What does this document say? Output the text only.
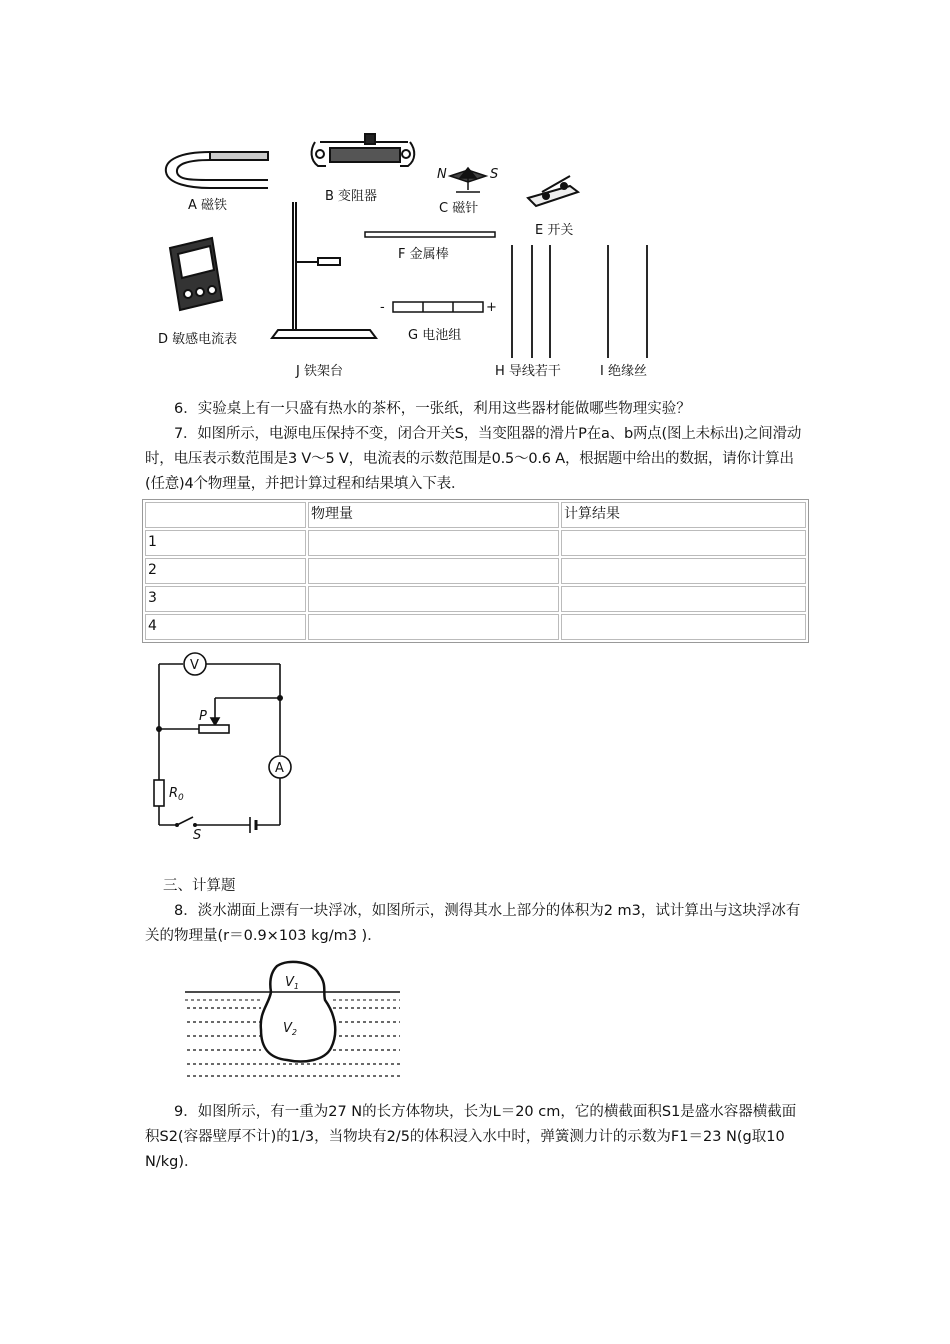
A 磁铁
B 变阻器
N	S
C 磁针
E 开关
F 金属棒
D 敏感电流表
J 铁架台
-	+
G 电池组
H 导线若干	I 绝缘丝

6．实验桌上有一只盛有热水的茶杯，一张纸，利用这些器材能做哪些物理实验？

7．如图所示，电源电压保持不变，闭合开关S，当变阻器的滑片P在a、b两点(图上未标出)之间滑动时，电压表示数范围是3 V～5 V，电流表的示数范围是0.5～0.6 A，根据题中给出的数据，请你计算出(任意)4个物理量，并把计算过程和结果填入下表．

	物理量	计算结果
1		
2		
3		
4		
V
A
P
$R_0$
S

三、计算题

8．淡水湖面上漂有一块浮冰，如图所示，测得其水上部分的体积为2 m3，试计算出与这块浮冰有关的物理量(r＝0.9×103 kg/m3 )．

$V_1$
$V_2$

9．如图所示，有一重为27 N的长方体物块，长为L＝20 cm，它的横截面积S1是盛水容器横截面积S2(容器壁厚不计)的1/3，当物块有2/5的体积浸入水中时，弹簧测力计的示数为F1＝23 N(g取10 N/kg)．
